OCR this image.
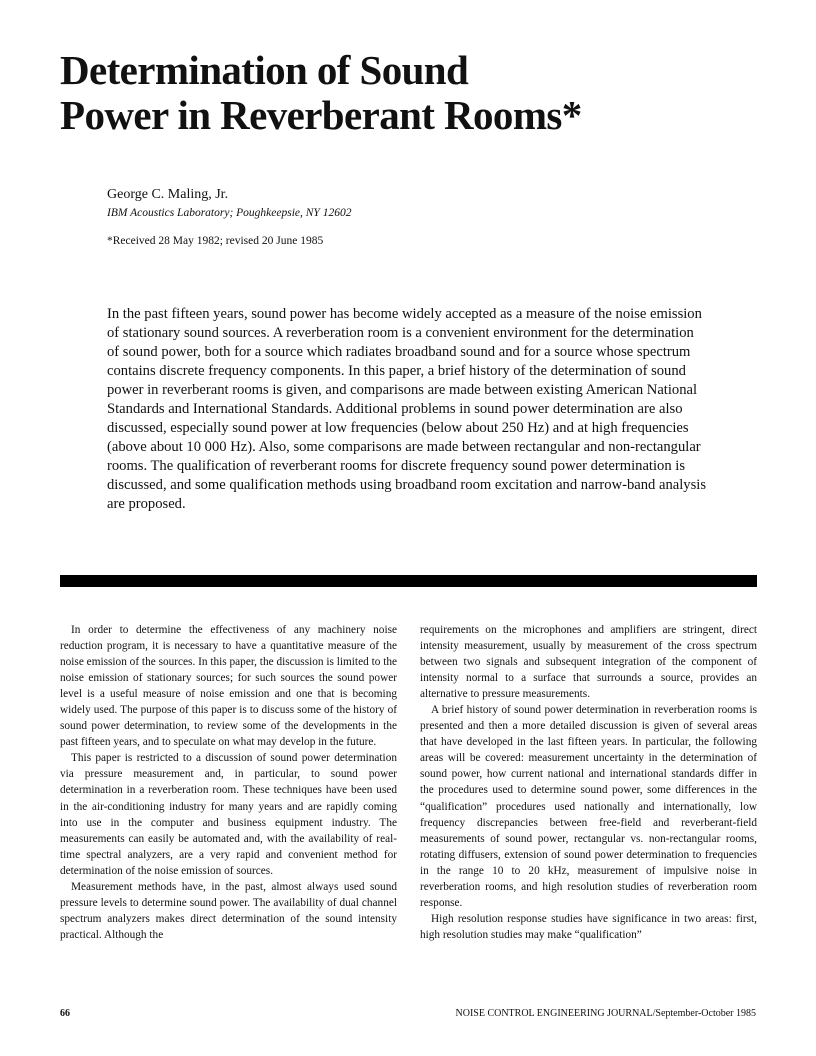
Determination of Sound
Power in Reverberant Rooms*
George C. Maling, Jr.
IBM Acoustics Laboratory; Poughkeepsie, NY 12602
*Received 28 May 1982; revised 20 June 1985

In the past fifteen years, sound power has become widely accepted as a measure of the noise emission of stationary sound sources. A reverberation room is a convenient environment for the determination of sound power, both for a source which radiates broadband sound and for a source whose spectrum contains discrete frequency components. In this paper, a brief history of the determination of sound power in reverberant rooms is given, and comparisons are made between existing American National Standards and International Standards. Additional problems in sound power determination are also discussed, especially sound power at low frequencies (below about 250 Hz) and at high frequencies (above about 10 000 Hz). Also, some comparisons are made between rectangular and non-rectangular rooms. The qualification of reverberant rooms for discrete frequency sound power determination is discussed, and some qualification methods using broadband room excitation and narrow-band analysis are proposed.

In order to determine the effectiveness of any machinery noise reduction program, it is necessary to have a quantitative measure of the noise emission of the sources. In this paper, the discussion is limited to the noise emission of stationary sources; for such sources the sound power level is a useful measure of noise emission and one that is becoming widely used. The purpose of this paper is to discuss some of the history of sound power determination, to review some of the developments in the past fifteen years, and to speculate on what may develop in the future.

This paper is restricted to a discussion of sound power determination via pressure measurement and, in particular, to sound power determination in a reverberation room. These techniques have been used in the air-conditioning industry for many years and are rapidly coming into use in the computer and business equipment industry. The measurements can easily be automated and, with the availability of real-time spectral analyzers, are a very rapid and convenient method for determination of the noise emission of sources.

Measurement methods have, in the past, almost always used sound pressure levels to determine sound power. The availability of dual channel spectrum analyzers makes direct determination of the sound intensity practical. Although the

requirements on the microphones and amplifiers are stringent, direct intensity measurement, usually by measurement of the cross spectrum between two signals and subsequent integration of the component of intensity normal to a surface that surrounds a source, provides an alternative to pressure measurements.

A brief history of sound power determination in reverberation rooms is presented and then a more detailed discussion is given of several areas that have developed in the last fifteen years. In particular, the following areas will be covered: measurement uncertainty in the determination of sound power, how current national and international standards differ in the procedures used to determine sound power, some differences in the “qualification” procedures used nationally and internationally, low frequency discrepancies between free-field and reverberant-field measurements of sound power, rectangular vs. non-rectangular rooms, rotating diffusers, extension of sound power determination to frequencies in the range 10 to 20 kHz, measurement of impulsive noise in reverberation rooms, and high resolution studies of reverberation room response.

High resolution response studies have significance in two areas: first, high resolution studies may make “qualification”

66	NOISE CONTROL ENGINEERING JOURNAL/September-October 1985
